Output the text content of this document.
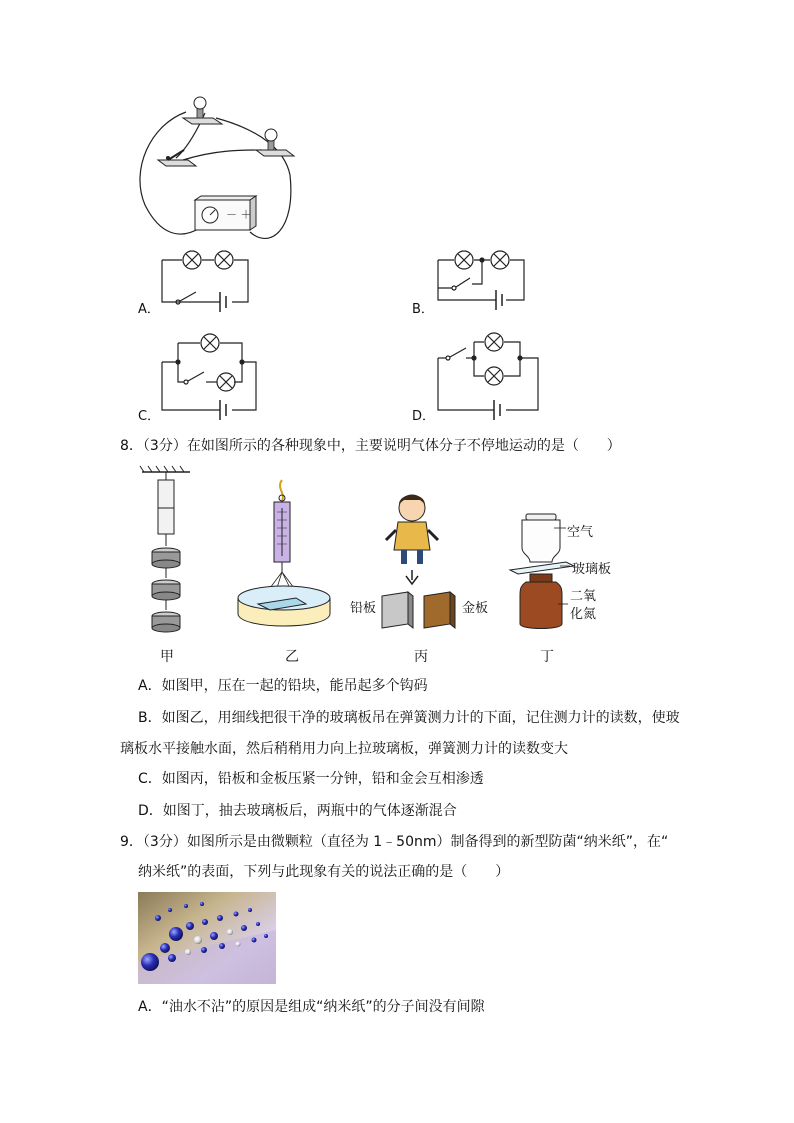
－ ＋
A．	B．
C．	D．
8．（3分）在如图所示的各种现象中，主要说明气体分子不停地运动的是（　　）
铅板	金板
空气
玻璃板
二氧
化氮
甲	乙	丙	丁
A．如图甲，压在一起的铅块，能吊起多个钩码
B．如图乙，用细线把很干净的玻璃板吊在弹簧测力计的下面，记住测力计的读数，使玻
璃板水平接触水面，然后稍稍用力向上拉玻璃板，弹簧测力计的读数变大
C．如图丙，铅板和金板压紧一分钟，铅和金会互相渗透
D．如图丁，抽去玻璃板后，两瓶中的气体逐渐混合
9．（3分）如图所示是由微颗粒（直径为 1﹣50nm）制备得到的新型防菌“纳米纸”，在“
纳米纸”的表面，下列与此现象有关的说法正确的是（　　）
A．“油水不沾”的原因是组成“纳米纸”的分子间没有间隙
